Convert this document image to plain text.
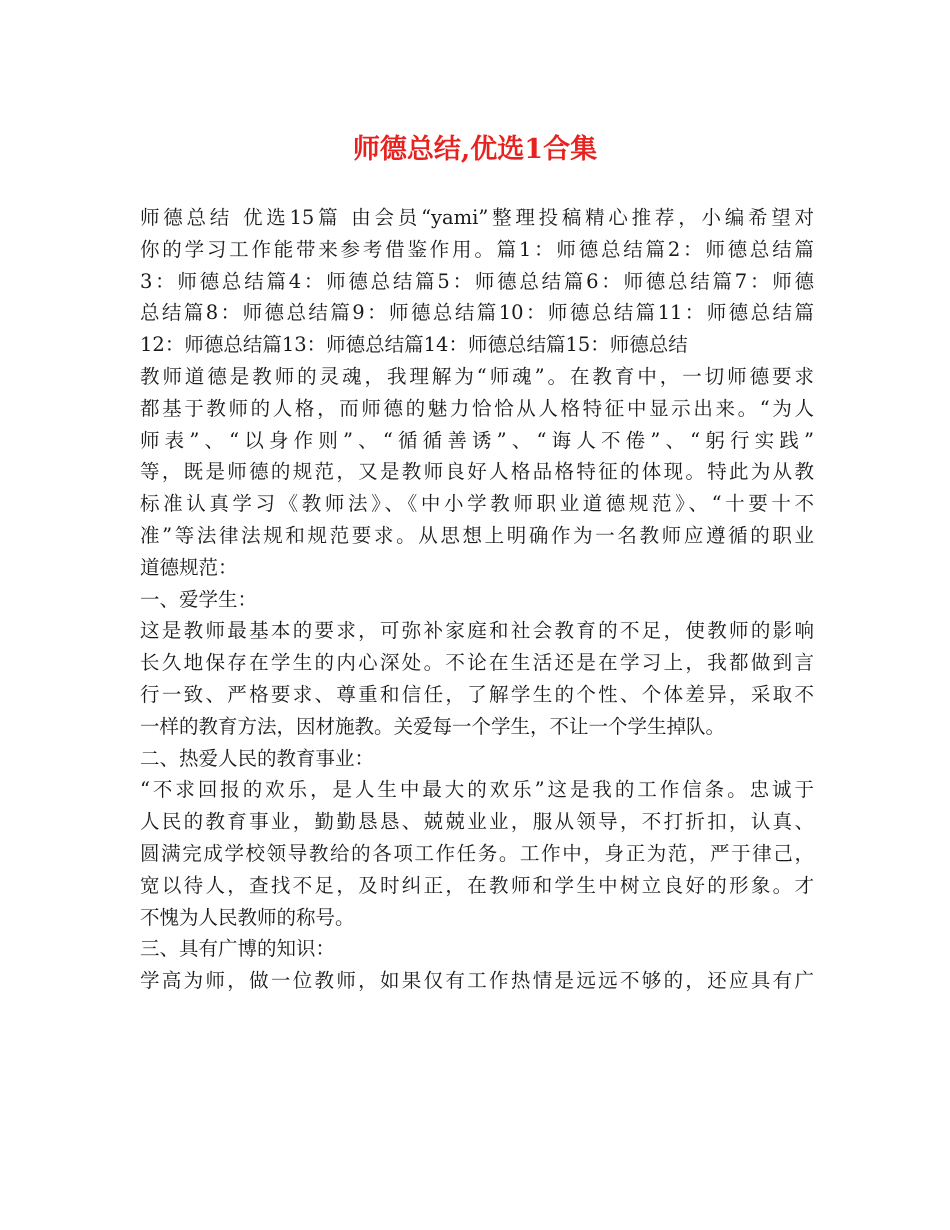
师德总结,优选1合集
师德总结 优选15篇 由会员“yami”整理投稿精心推荐，小编希望对
你的学习工作能带来参考借鉴作用。篇1：师德总结篇2：师德总结篇
3：师德总结篇4：师德总结篇5：师德总结篇6：师德总结篇7：师德
总结篇8：师德总结篇9：师德总结篇10：师德总结篇11：师德总结篇
12：师德总结篇13：师德总结篇14：师德总结篇15：师德总结
教师道德是教师的灵魂，我理解为“师魂”。在教育中，一切师德要求
都基于教师的人格，而师德的魅力恰恰从人格特征中显示出来。“为人
师表”、“以身作则”、“循循善诱”、“诲人不倦”、“躬行实践”
等，既是师德的规范，又是教师良好人格品格特征的体现。特此为从教
标准认真学习《教师法》、《中小学教师职业道德规范》、“十要十不
准”等法律法规和规范要求。从思想上明确作为一名教师应遵循的职业
道德规范：
一、爱学生：
这是教师最基本的要求，可弥补家庭和社会教育的不足，使教师的影响
长久地保存在学生的内心深处。不论在生活还是在学习上，我都做到言
行一致、严格要求、尊重和信任，了解学生的个性、个体差异，采取不
一样的教育方法，因材施教。关爱每一个学生，不让一个学生掉队。
二、热爱人民的教育事业：
“不求回报的欢乐，是人生中最大的欢乐”这是我的工作信条。忠诚于
人民的教育事业，勤勤恳恳、兢兢业业，服从领导，不打折扣，认真、
圆满完成学校领导教给的各项工作任务。工作中，身正为范，严于律己，
宽以待人，查找不足，及时纠正，在教师和学生中树立良好的形象。才
不愧为人民教师的称号。
三、具有广博的知识：
学高为师，做一位教师，如果仅有工作热情是远远不够的，还应具有广
